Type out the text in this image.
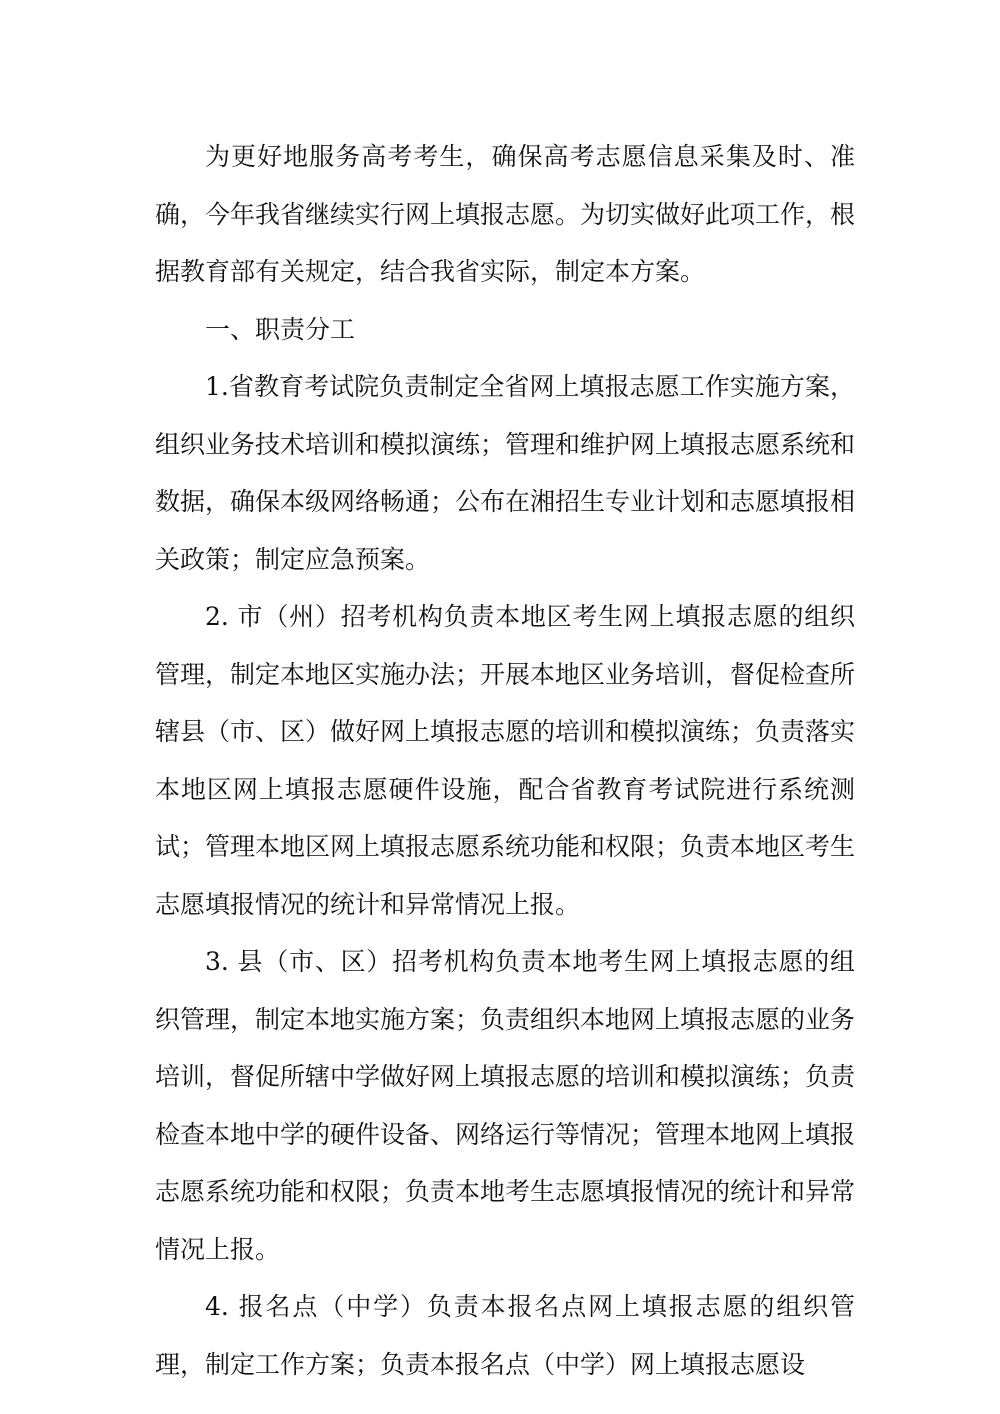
为更好地服务高考考生，确保高考志愿信息采集及时、准确，今年我省继续实行网上填报志愿。为切实做好此项工作，根据教育部有关规定，结合我省实际，制定本方案。

一、职责分工

1.省教育考试院负责制定全省网上填报志愿工作实施方案，组织业务技术培训和模拟演练；管理和维护网上填报志愿系统和数据，确保本级网络畅通；公布在湘招生专业计划和志愿填报相关政策；制定应急预案。

2. 市（州）招考机构负责本地区考生网上填报志愿的组织管理，制定本地区实施办法；开展本地区业务培训，督促检查所辖县（市、区）做好网上填报志愿的培训和模拟演练；负责落实本地区网上填报志愿硬件设施，配合省教育考试院进行系统测试；管理本地区网上填报志愿系统功能和权限；负责本地区考生志愿填报情况的统计和异常情况上报。

3. 县（市、区）招考机构负责本地考生网上填报志愿的组织管理，制定本地实施方案；负责组织本地网上填报志愿的业务培训，督促所辖中学做好网上填报志愿的培训和模拟演练；负责检查本地中学的硬件设备、网络运行等情况；管理本地网上填报志愿系统功能和权限；负责本地考生志愿填报情况的统计和异常情况上报。

4. 报名点（中学）负责本报名点网上填报志愿的组织管理，制定工作方案；负责本报名点（中学）网上填报志愿设
